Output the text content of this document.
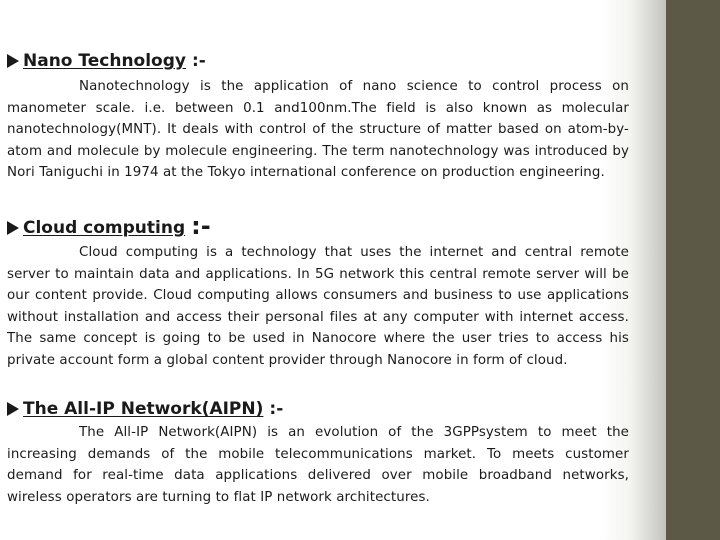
Nano Technology :-
Nanotechnology is the application of nano science to control process on manometer scale. i.e. between 0.1 and100nm.The field is also known as molecular nanotechnology(MNT). It deals with control of the structure of matter based on atom-by-atom and molecule by molecule engineering. The term nanotechnology was introduced by Nori Taniguchi in 1974 at the Tokyo international conference on production engineering.
Cloud computing :-
Cloud computing is a technology that uses the internet and central remote server to maintain data and applications. In 5G network this central remote server will be our content provide. Cloud computing allows consumers and business to use applications without installation and access their personal files at any computer with internet access. The same concept is going to be used in Nanocore where the user tries to access his private account form a global content provider through Nanocore in form of cloud.
The All-IP Network(AIPN) :-
The All-IP Network(AIPN) is an evolution of the 3GPPsystem to meet the increasing demands of the mobile telecommunications market. To meets customer demand for real-time data applications delivered over mobile broadband networks, wireless operators are turning to flat IP network architectures.
